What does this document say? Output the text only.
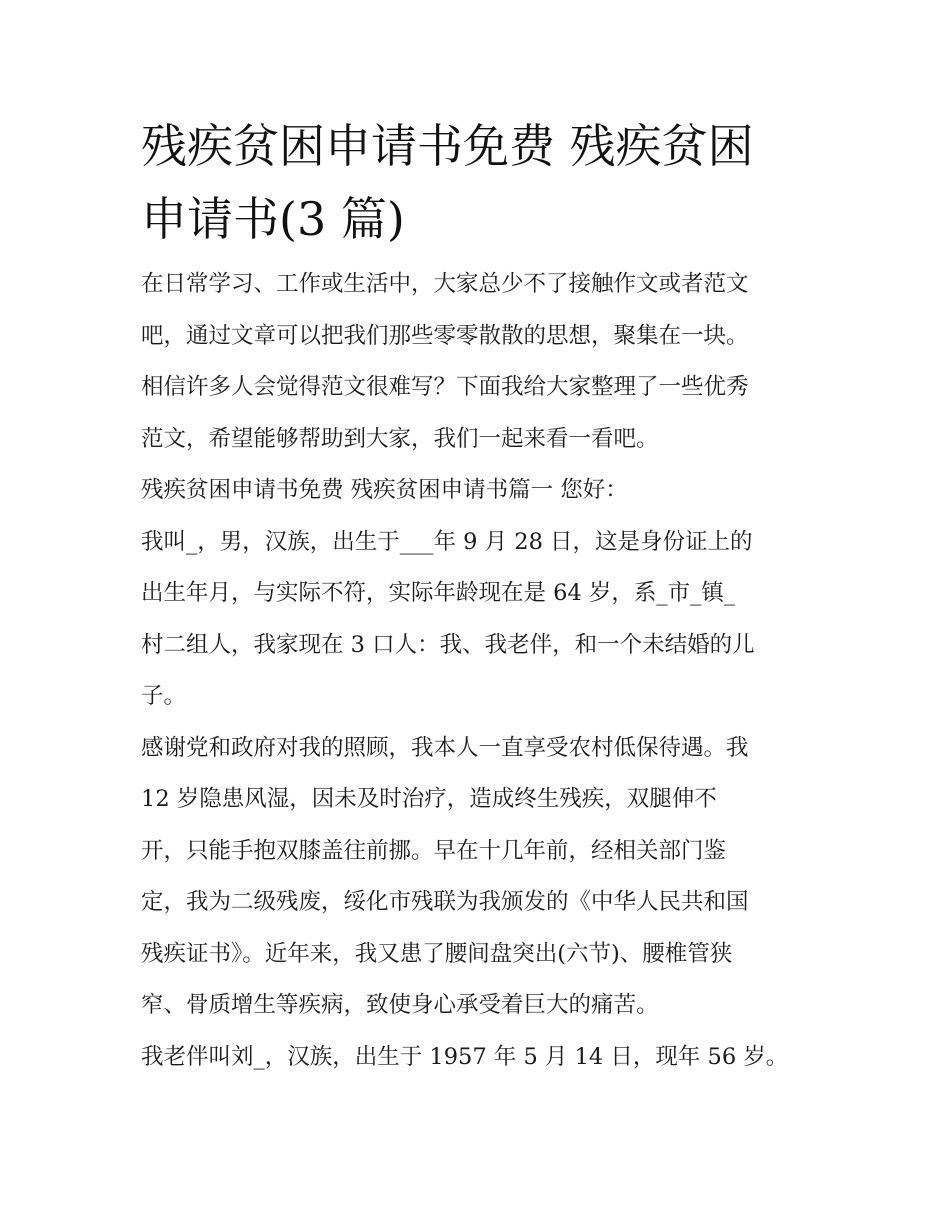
残疾贫困申请书免费 残疾贫困
申请书(3 篇)
在日常学习、工作或生活中，大家总少不了接触作文或者范文
吧，通过文章可以把我们那些零零散散的思想，聚集在一块。
相信许多人会觉得范文很难写？下面我给大家整理了一些优秀
范文，希望能够帮助到大家，我们一起来看一看吧。
残疾贫困申请书免费 残疾贫困申请书篇一 您好：
我叫_，男，汉族，出生于___年 9 月 28 日，这是身份证上的
出生年月，与实际不符，实际年龄现在是 64 岁，系_市_镇_
村二组人，我家现在 3 口人：我、我老伴，和一个未结婚的儿
子。
感谢党和政府对我的照顾，我本人一直享受农村低保待遇。我
12 岁隐患风湿，因未及时治疗，造成终生残疾，双腿伸不
开，只能手抱双膝盖往前挪。早在十几年前，经相关部门鉴
定，我为二级残废，绥化市残联为我颁发的《中华人民共和国
残疾证书》。近年来，我又患了腰间盘突出(六节)、腰椎管狭
窄、骨质增生等疾病，致使身心承受着巨大的痛苦。
我老伴叫刘_，汉族，出生于 1957 年 5 月 14 日，现年 56 岁。
